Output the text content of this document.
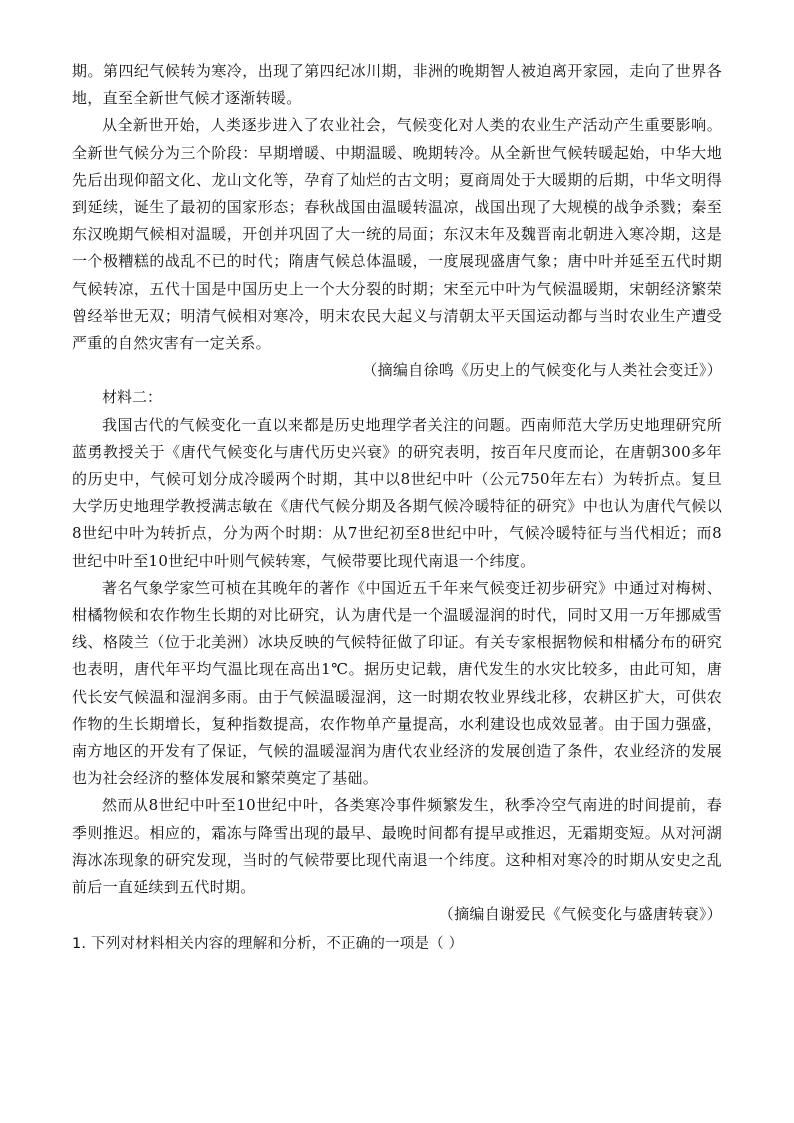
期。第四纪气候转为寒冷，出现了第四纪冰川期，非洲的晚期智人被迫离开家园，走向了世界各地，直至全新世气候才逐渐转暖。

从全新世开始，人类逐步进入了农业社会，气候变化对人类的农业生产活动产生重要影响。全新世气候分为三个阶段：早期增暖、中期温暖、晚期转冷。从全新世气候转暖起始，中华大地先后出现仰韶文化、龙山文化等，孕育了灿烂的古文明；夏商周处于大暖期的后期，中华文明得到延续，诞生了最初的国家形态；春秋战国由温暖转温凉，战国出现了大规模的战争杀戮；秦至东汉晚期气候相对温暖，开创并巩固了大一统的局面；东汉末年及魏晋南北朝进入寒冷期，这是一个极糟糕的战乱不已的时代；隋唐气候总体温暖，一度展现盛唐气象；唐中叶并延至五代时期气候转凉，五代十国是中国历史上一个大分裂的时期；宋至元中叶为气候温暖期，宋朝经济繁荣曾经举世无双；明清气候相对寒冷，明末农民大起义与清朝太平天国运动都与当时农业生产遭受严重的自然灾害有一定关系。

（摘编自徐鸣《历史上的气候变化与人类社会变迁》）

材料二：

我国古代的气候变化一直以来都是历史地理学者关注的问题。西南师范大学历史地理研究所蓝勇教授关于《唐代气候变化与唐代历史兴衰》的研究表明，按百年尺度而论，在唐朝300多年的历史中，气候可划分成冷暖两个时期，其中以8世纪中叶（公元750年左右）为转折点。复旦大学历史地理学教授满志敏在《唐代气候分期及各期气候冷暖特征的研究》中也认为唐代气候以8世纪中叶为转折点，分为两个时期：从7世纪初至8世纪中叶，气候冷暖特征与当代相近；而8世纪中叶至10世纪中叶则气候转寒，气候带要比现代南退一个纬度。

著名气象学家竺可桢在其晚年的著作《中国近五千年来气候变迁初步研究》中通过对梅树、柑橘物候和农作物生长期的对比研究，认为唐代是一个温暖湿润的时代，同时又用一万年挪威雪线、格陵兰（位于北美洲）冰块反映的气候特征做了印证。有关专家根据物候和柑橘分布的研究也表明，唐代年平均气温比现在高出1℃。据历史记载，唐代发生的水灾比较多，由此可知，唐代长安气候温和湿润多雨。由于气候温暖湿润，这一时期农牧业界线北移，农耕区扩大，可供农作物的生长期增长，复种指数提高，农作物单产量提高，水利建设也成效显著。由于国力强盛，南方地区的开发有了保证，气候的温暖湿润为唐代农业经济的发展创造了条件，农业经济的发展也为社会经济的整体发展和繁荣奠定了基础。

然而从8世纪中叶至10世纪中叶，各类寒冷事件频繁发生，秋季冷空气南进的时间提前，春季则推迟。相应的，霜冻与降雪出现的最早、最晚时间都有提早或推迟，无霜期变短。从对河湖海冰冻现象的研究发现，当时的气候带要比现代南退一个纬度。这种相对寒冷的时期从安史之乱前后一直延续到五代时期。

（摘编自谢爱民《气候变化与盛唐转衰》）

1. 下列对材料相关内容的理解和分析，不正确的一项是（ ）
